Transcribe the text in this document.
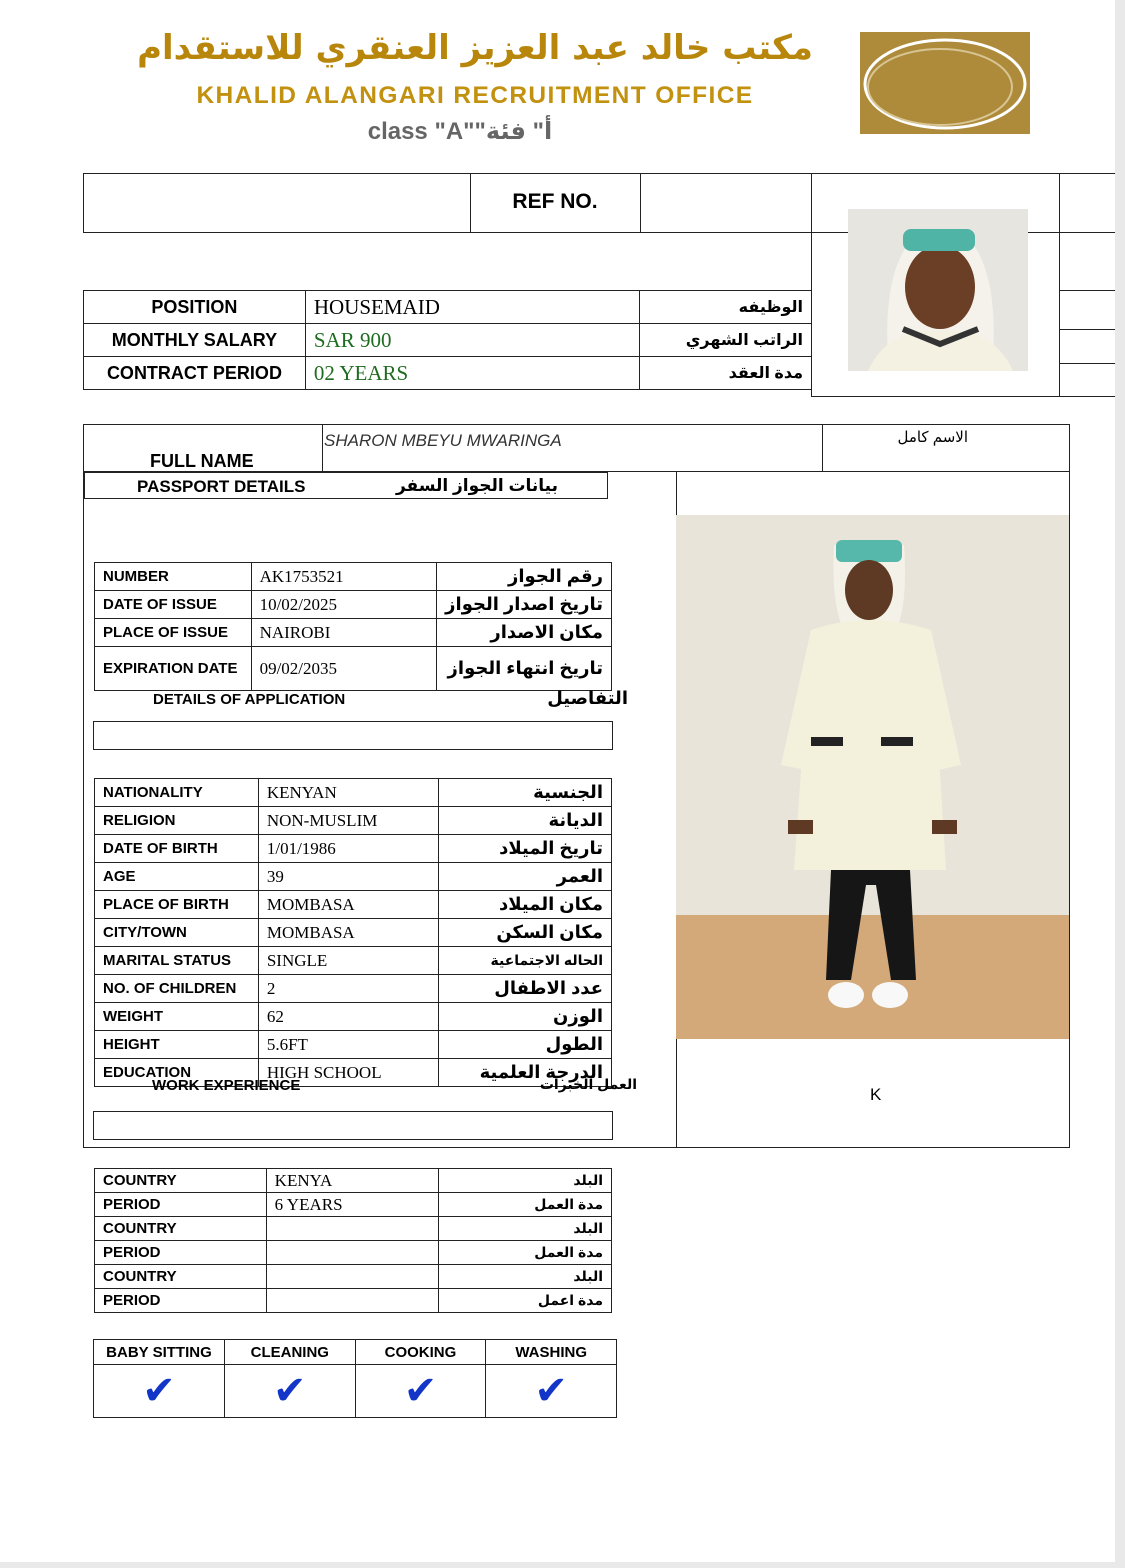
مكتب خالد عبد العزيز العنقري للاستقدام
KHALID ALANGARI RECRUITMENT OFFICE
class "A""أ" فئة
REF NO.
POSITION	HOUSEMAID	الوظيفه
MONTHLY SALARY	SAR 900	الراتب الشهري
CONTRACT PERIOD	02 YEARS	مدة العقد
FULL NAME
SHARON MBEYU MWARINGA	الاسم كامل
PASSPORT DETAILS	بيانات الجواز السفر
NUMBER	AK1753521	رقم الجواز
DATE OF ISSUE	10/02/2025	تاريخ اصدار الجواز
PLACE OF ISSUE	NAIROBI	مكان الاصدار
EXPIRATION DATE	09/02/2035	تاريخ انتهاء الجواز
DETAILS OF APPLICATION	التفاصيل
NATIONALITY	KENYAN	الجنسية
RELIGION	NON-MUSLIM	الديانة
DATE OF BIRTH	1/01/1986	تاريخ الميلاد
AGE	39	العمر
PLACE OF BIRTH	MOMBASA	مكان الميلاد
CITY/TOWN	MOMBASA	مكان السكن
MARITAL STATUS	SINGLE	الحاله الاجتماعية
NO. OF CHILDREN	2	عدد الاطفال
WEIGHT	62	الوزن
HEIGHT	5.6FT	الطول
EDUCATION	HIGH SCHOOL	الدرجة العلمية
WORK EXPERIENCE	العمل الخبرات
K
COUNTRY	KENYA	البلد
PERIOD	6 YEARS	مدة العمل
COUNTRY		البلد
PERIOD		مدة العمل
COUNTRY		البلد
PERIOD		مدة اعمل
BABY SITTING	CLEANING	COOKING	WASHING
✔	✔	✔	✔
